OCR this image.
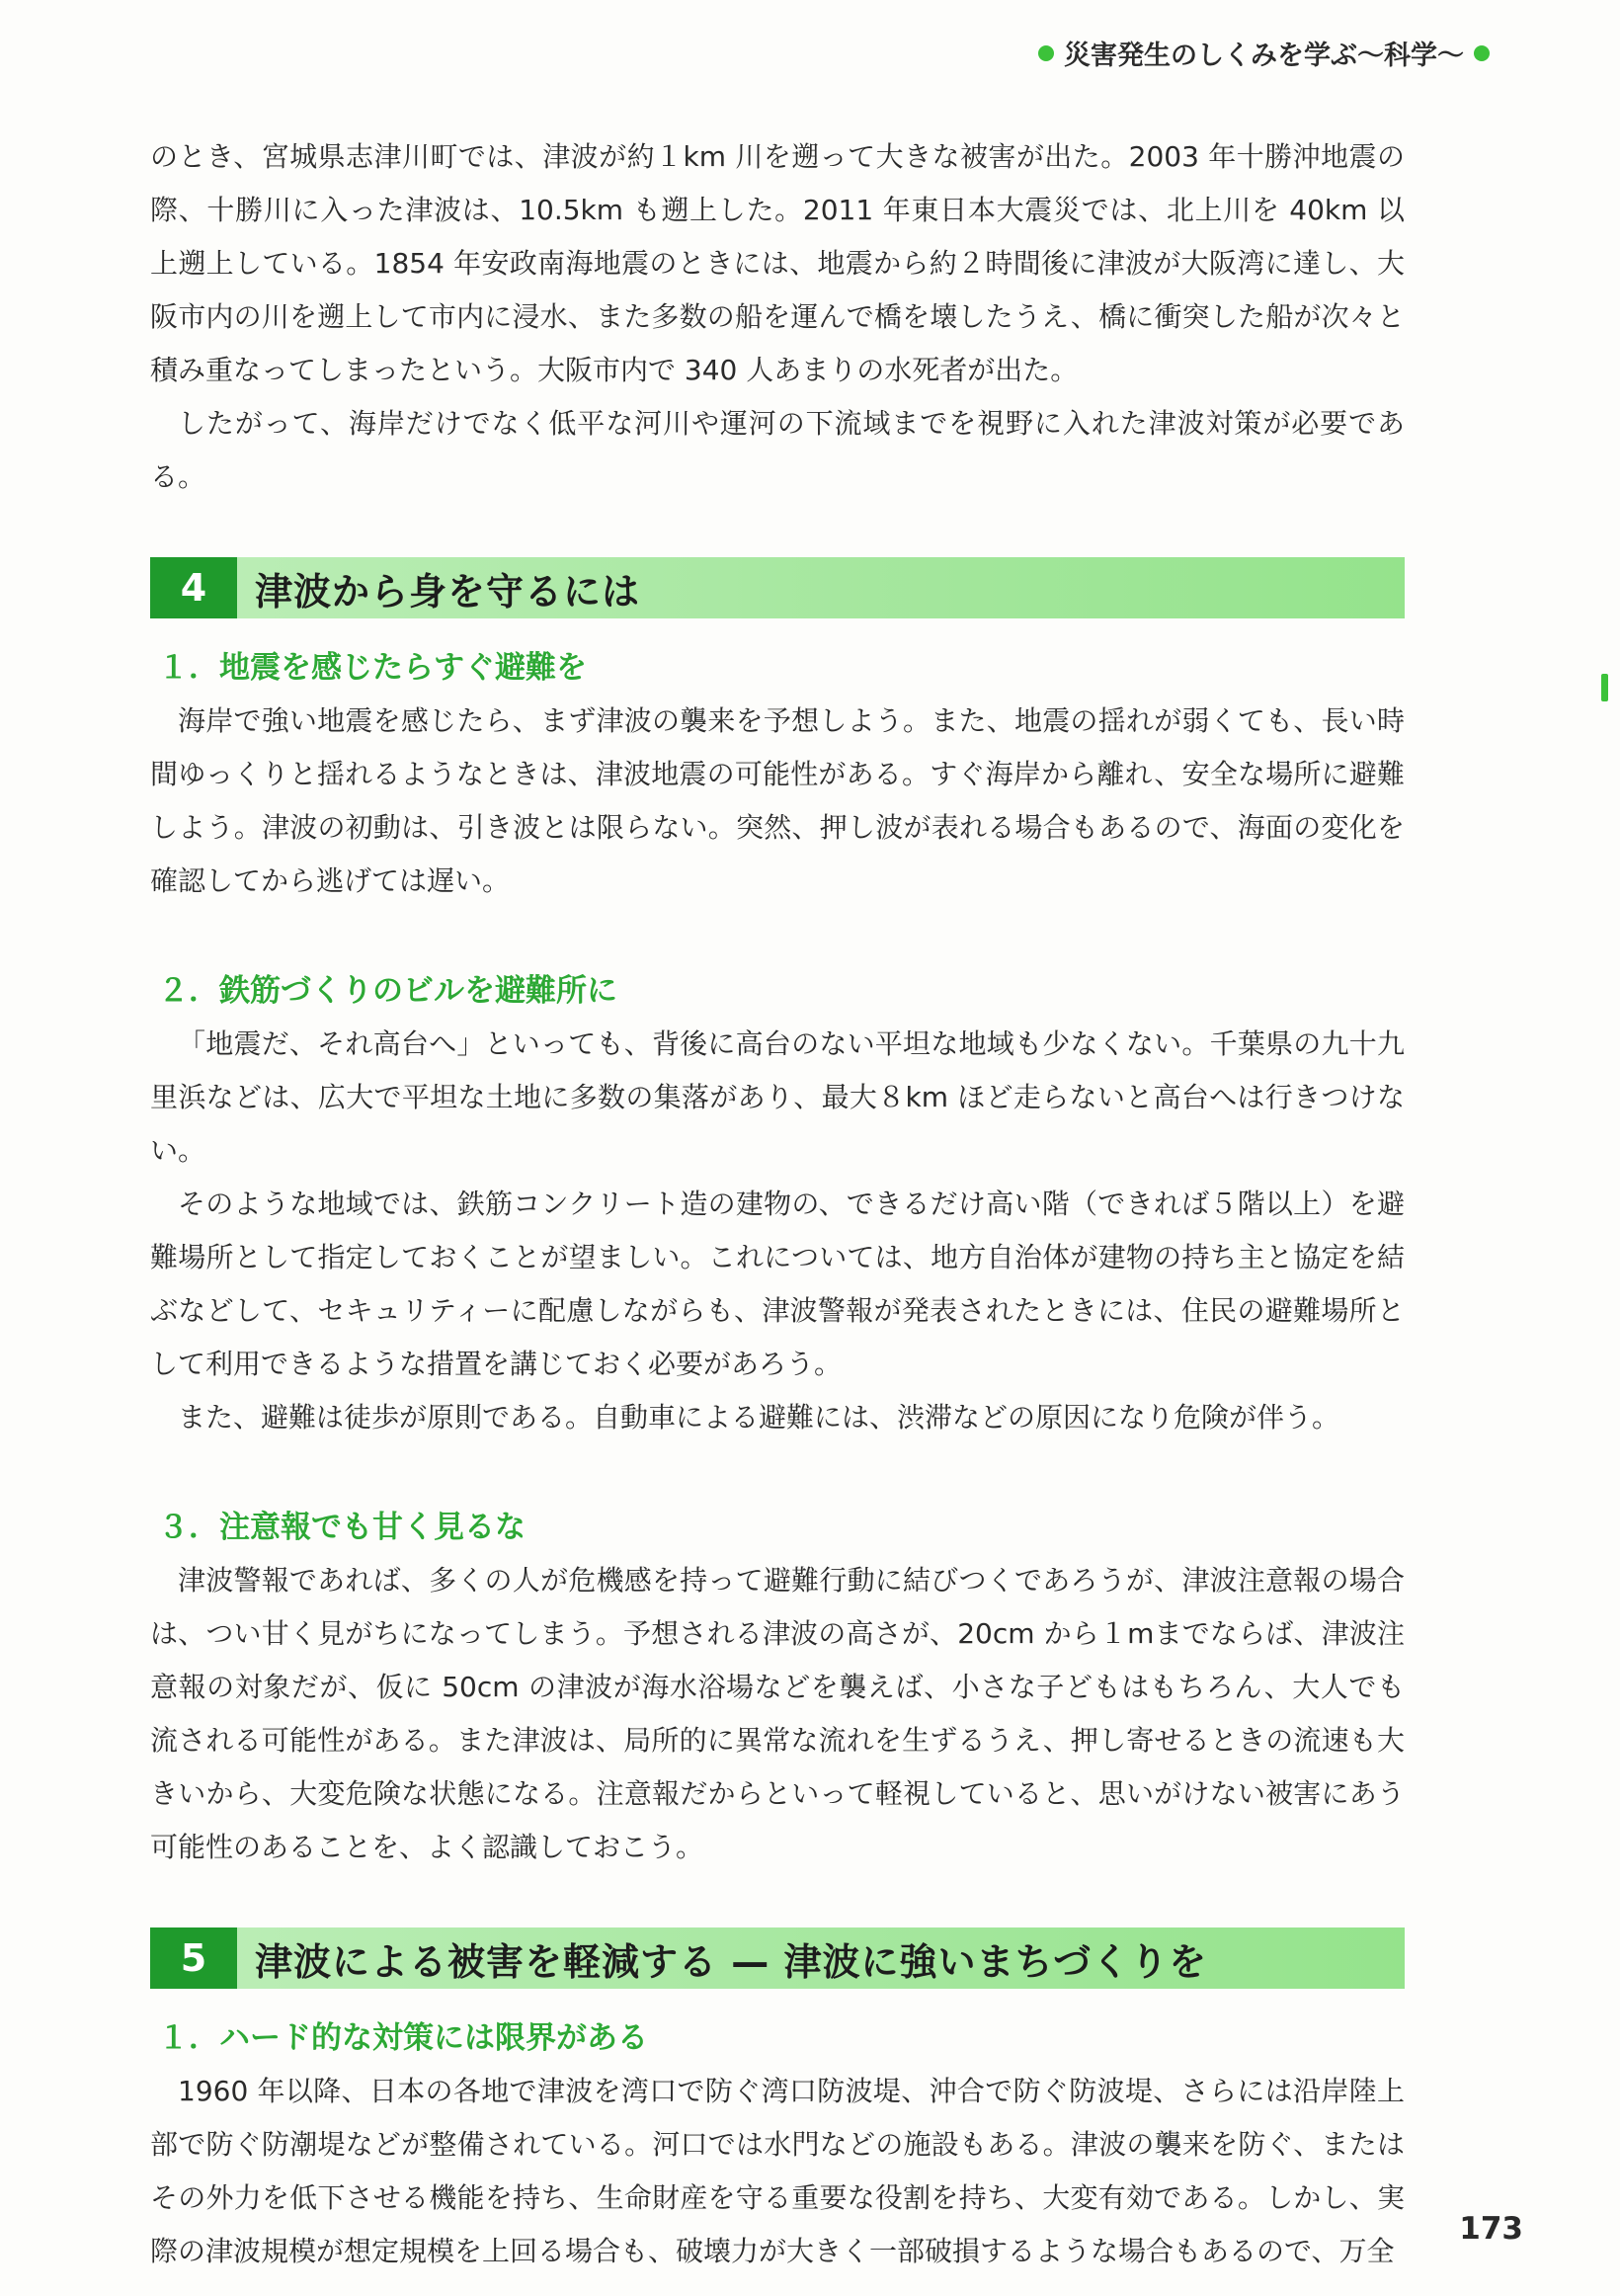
災害発生のしくみを学ぶ〜科学〜

のとき、宮城県志津川町では、津波が約１km 川を遡って大きな被害が出た。2003 年十勝沖地震の際、十勝川に入った津波は、10.5km も遡上した。2011 年東日本大震災では、北上川を 40km 以上遡上している。1854 年安政南海地震のときには、地震から約２時間後に津波が大阪湾に達し、大阪市内の川を遡上して市内に浸水、また多数の船を運んで橋を壊したうえ、橋に衝突した船が次々と積み重なってしまったという。大阪市内で 340 人あまりの水死者が出た。

したがって、海岸だけでなく低平な河川や運河の下流域までを視野に入れた津波対策が必要である。

4	津波から身を守るには
１．地震を感じたらすぐ避難を

海岸で強い地震を感じたら、まず津波の襲来を予想しよう。また、地震の揺れが弱くても、長い時間ゆっくりと揺れるようなときは、津波地震の可能性がある。すぐ海岸から離れ、安全な場所に避難しよう。津波の初動は、引き波とは限らない。突然、押し波が表れる場合もあるので、海面の変化を確認してから逃げては遅い。

２．鉄筋づくりのビルを避難所に

「地震だ、それ高台へ」といっても、背後に高台のない平坦な地域も少なくない。千葉県の九十九里浜などは、広大で平坦な土地に多数の集落があり、最大８km ほど走らないと高台へは行きつけない。

そのような地域では、鉄筋コンクリート造の建物の、できるだけ高い階（できれば５階以上）を避難場所として指定しておくことが望ましい。これについては、地方自治体が建物の持ち主と協定を結ぶなどして、セキュリティーに配慮しながらも、津波警報が発表されたときには、住民の避難場所として利用できるような措置を講じておく必要があろう。

また、避難は徒歩が原則である。自動車による避難には、渋滞などの原因になり危険が伴う。

３．注意報でも甘く見るな

津波警報であれば、多くの人が危機感を持って避難行動に結びつくであろうが、津波注意報の場合は、つい甘く見がちになってしまう。予想される津波の高さが、20cm から１mまでならば、津波注意報の対象だが、仮に 50cm の津波が海水浴場などを襲えば、小さな子どもはもちろん、大人でも流される可能性がある。また津波は、局所的に異常な流れを生ずるうえ、押し寄せるときの流速も大きいから、大変危険な状態になる。注意報だからといって軽視していると、思いがけない被害にあう可能性のあることを、よく認識しておこう。

5	津波による被害を軽減する — 津波に強いまちづくりを
１．ハード的な対策には限界がある

1960 年以降、日本の各地で津波を湾口で防ぐ湾口防波堤、沖合で防ぐ防波堤、さらには沿岸陸上部で防ぐ防潮堤などが整備されている。河口では水門などの施設もある。津波の襲来を防ぐ、またはその外力を低下させる機能を持ち、生命財産を守る重要な役割を持ち、大変有効である。しかし、実際の津波規模が想定規模を上回る場合も、破壊力が大きく一部破損するような場合もあるので、万全

173
